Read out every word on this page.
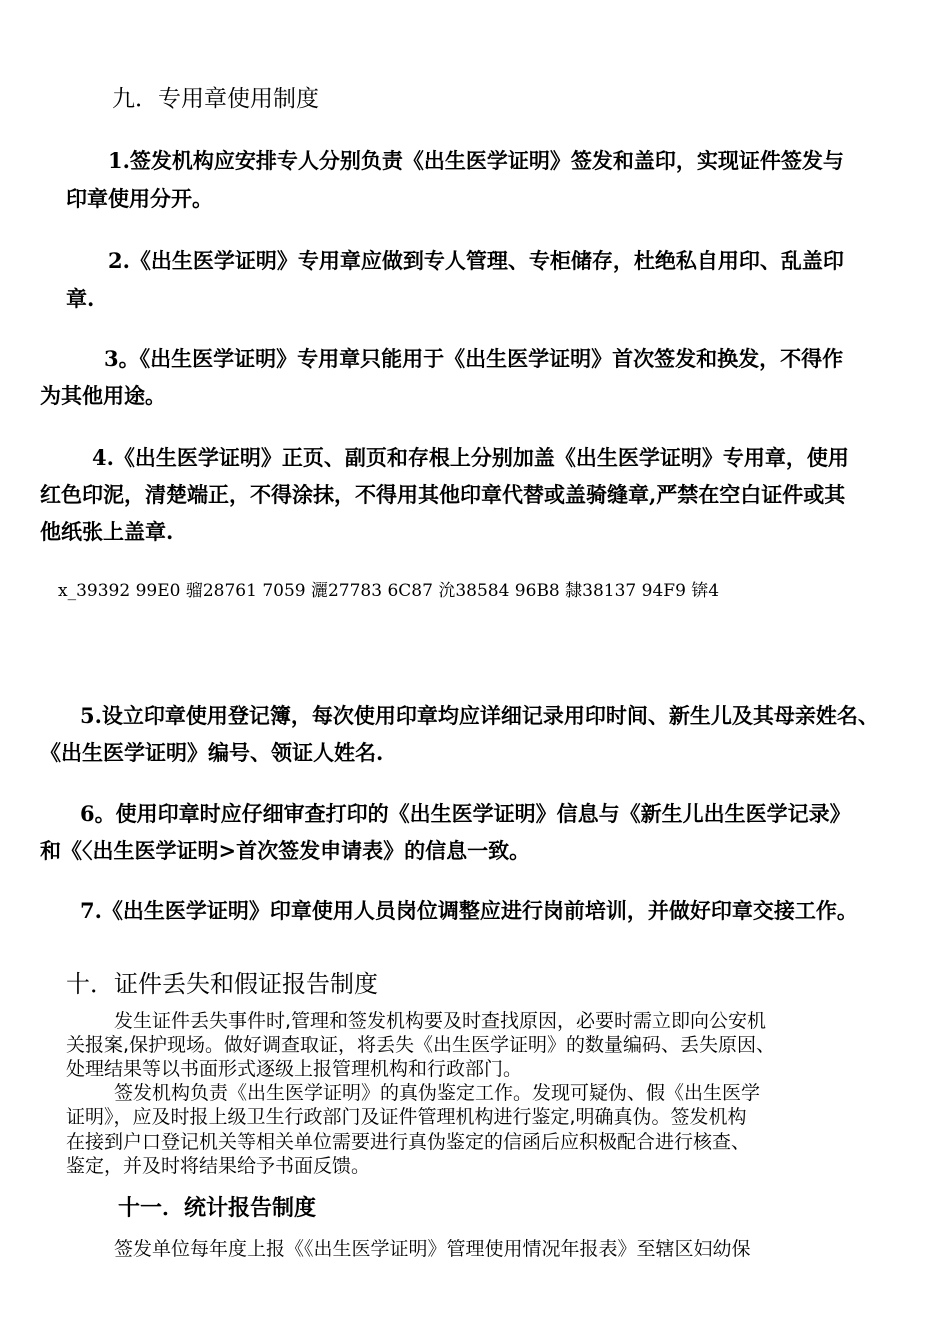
九．专用章使用制度
1.签发机构应安排专人分别负责《出生医学证明》签发和盖印，实现证件签发与
印章使用分开。
2.《出生医学证明》专用章应做到专人管理、专柜储存，杜绝私自用印、乱盖印
章.
3。《出生医学证明》专用章只能用于《出生医学证明》首次签发和换发，不得作
为其他用途。
4.《出生医学证明》正页、副页和存根上分别加盖《出生医学证明》专用章，使用
红色印泥，清楚端正，不得涂抹，不得用其他印章代替或盖骑缝章,严禁在空白证件或其
他纸张上盖章.
x_39392 99E0 骝28761 7059 灑27783 6C87 沇38584 96B8 隸38137 94F9 锛4
5.设立印章使用登记簿，每次使用印章均应详细记录用印时间、新生儿及其母亲姓名、
《出生医学证明》编号、领证人姓名.
6。使用印章时应仔细审查打印的《出生医学证明》信息与《新生儿出生医学记录》
和《〈出生医学证明>首次签发申请表》的信息一致。
7.《出生医学证明》印章使用人员岗位调整应进行岗前培训，并做好印章交接工作。
十．证件丢失和假证报告制度
发生证件丢失事件时,管理和签发机构要及时查找原因，必要时需立即向公安机
关报案,保护现场。做好调查取证，将丢失《出生医学证明》的数量编码、丢失原因、
处理结果等以书面形式逐级上报管理机构和行政部门。
签发机构负责《出生医学证明》的真伪鉴定工作。发现可疑伪、假《出生医学
证明》，应及时报上级卫生行政部门及证件管理机构进行鉴定,明确真伪。签发机构
在接到户口登记机关等相关单位需要进行真伪鉴定的信函后应积极配合进行核查、
鉴定，并及时将结果给予书面反馈。
十一．统计报告制度
签发单位每年度上报《《出生医学证明》管理使用情况年报表》至辖区妇幼保
